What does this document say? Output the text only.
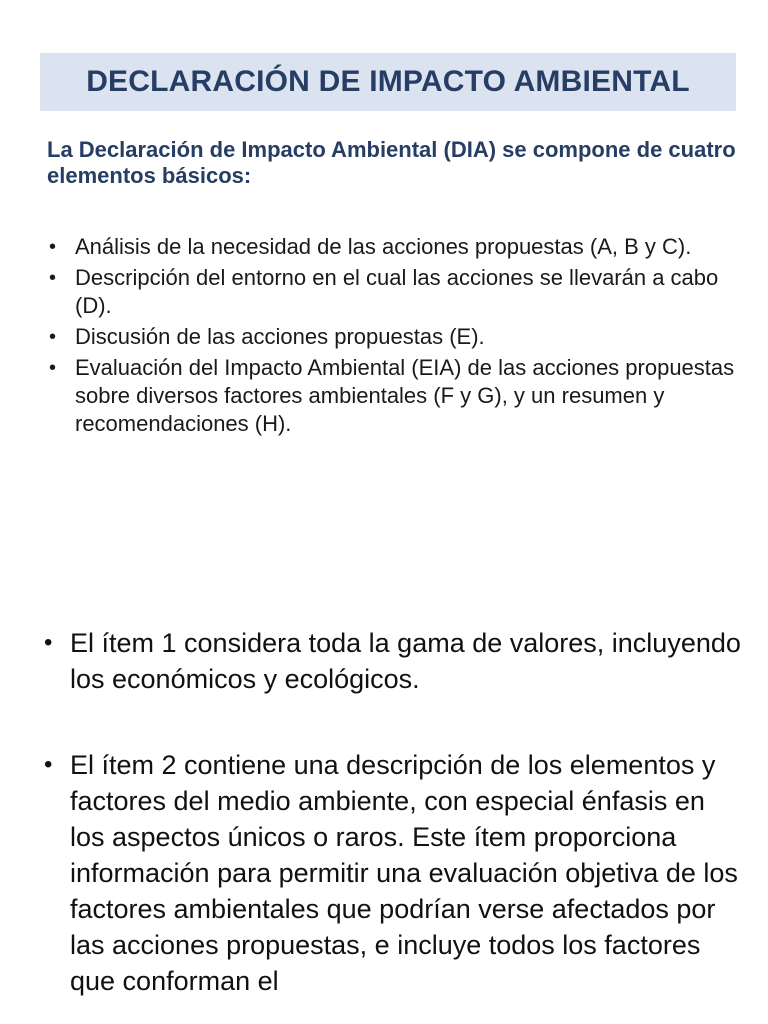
DECLARACIÓN DE IMPACTO AMBIENTAL

La Declaración de Impacto Ambiental (DIA) se compone de cuatro elementos básicos:

• Análisis de la necesidad de las acciones propuestas (A, B y C).
• Descripción del entorno en el cual las acciones se llevarán a cabo (D).
• Discusión de las acciones propuestas (E).
• Evaluación del Impacto Ambiental (EIA) de las acciones propuestas sobre diversos factores ambientales (F y G), y un resumen y recomendaciones (H).
• El ítem 1 considera toda la gama de valores, incluyendo los económicos y ecológicos.
• El ítem 2 contiene una descripción de los elementos y factores del medio ambiente, con especial énfasis en los aspectos únicos o raros. Este ítem proporciona información para permitir una evaluación objetiva de los factores ambientales que podrían verse afectados por las acciones propuestas, e incluye todos los factores que conforman el
